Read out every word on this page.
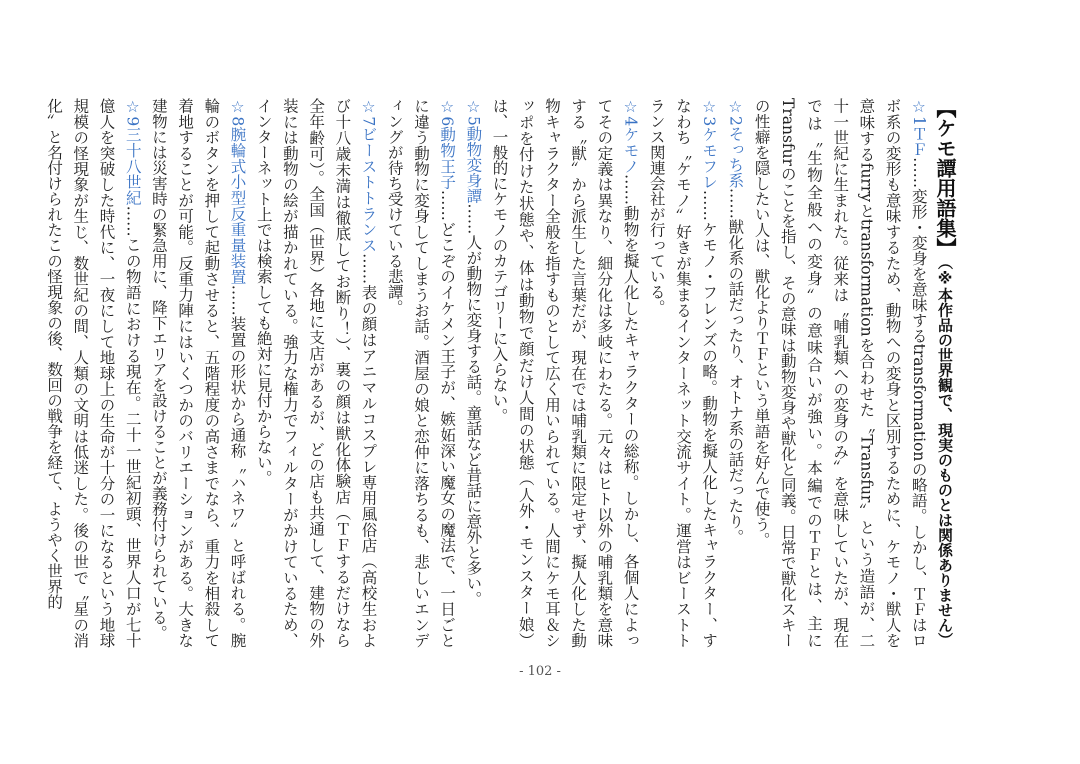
【ケモ譚用語集】（※本作品の世界観で、現実のものとは関係ありません）
☆1ＴＦ……変形・変身を意味するtransformationの略語。しかし、ＴＦはロボ系の変形も意味するため、動物への変身と区別するために、ケモノ・獣人を意味するfurryとtransformationを合わせた〝Transfur〟という造語が、二十一世紀に生まれた。従来は〝哺乳類への変身のみ〟を意味していたが、現在では〝生物全般への変身〟の意味合いが強い。本編でのＴＦとは、主にTransfurのことを指し、その意味は動物変身や獣化と同義。日常で獣化スキーの性癖を隠したい人は、獣化よりＴＦという単語を好んで使う。
☆2そっち系……獣化系の話だったり、オトナ系の話だったり。
☆3ケモフレ……ケモノ・フレンズの略。動物を擬人化したキャラクター、すなわち〝ケモノ〟好きが集まるインターネット交流サイト。運営はビーストトランス関連会社が行っている。
☆4ケモノ……動物を擬人化したキャラクターの総称。しかし、各個人によってその定義は異なり、細分化は多岐にわたる。元々はヒト以外の哺乳類を意味する〝獣〟から派生した言葉だが、現在では哺乳類に限定せず、擬人化した動物キャラクター全般を指すものとして広く用いられている。人間にケモ耳＆シッポを付けた状態や、体は動物で顔だけ人間の状態（人外・モンスター娘）は、一般的にケモノのカテゴリーに入らない。
☆5動物変身譚……人が動物に変身する話。童話など昔話に意外と多い。
☆6動物王子……どこぞのイケメン王子が、嫉妬深い魔女の魔法で、一日ごとに違う動物に変身してしまうお話。酒屋の娘と恋仲に落ちるも、悲しいエンディングが待ち受けている悲譚。
☆7ビーストトランス……表の顔はアニマルコスプレ専用風俗店（高校生および十八歳未満は徹底してお断り！）、裏の顔は獣化体験店（ＴＦするだけなら全年齢可）。全国（世界）各地に支店があるが、どの店も共通して、建物の外装には動物の絵が描かれている。強力な権力でフィルターがかけているため、インターネット上では検索しても絶対に見付からない。
☆8腕輪式小型反重量装置……装置の形状から通称〝ハネワ〟と呼ばれる。腕輪のボタンを押して起動させると、五階程度の高さまでなら、重力を相殺して着地することが可能。反重力陣にはいくつかのバリエーションがある。大きな建物には災害時の緊急用に、降下エリアを設けることが義務付けられている。
☆9三十八世紀……この物語における現在。二十一世紀初頭、世界人口が七十億人を突破した時代に、一夜にして地球上の生命が十分の一になるという地球規模の怪現象が生じ、数世紀の間、人類の文明は低迷した。後の世で〝星の消化〟と名付けられたこの怪現象の後、数回の戦争を経て、ようやく世界的
- 102 -
